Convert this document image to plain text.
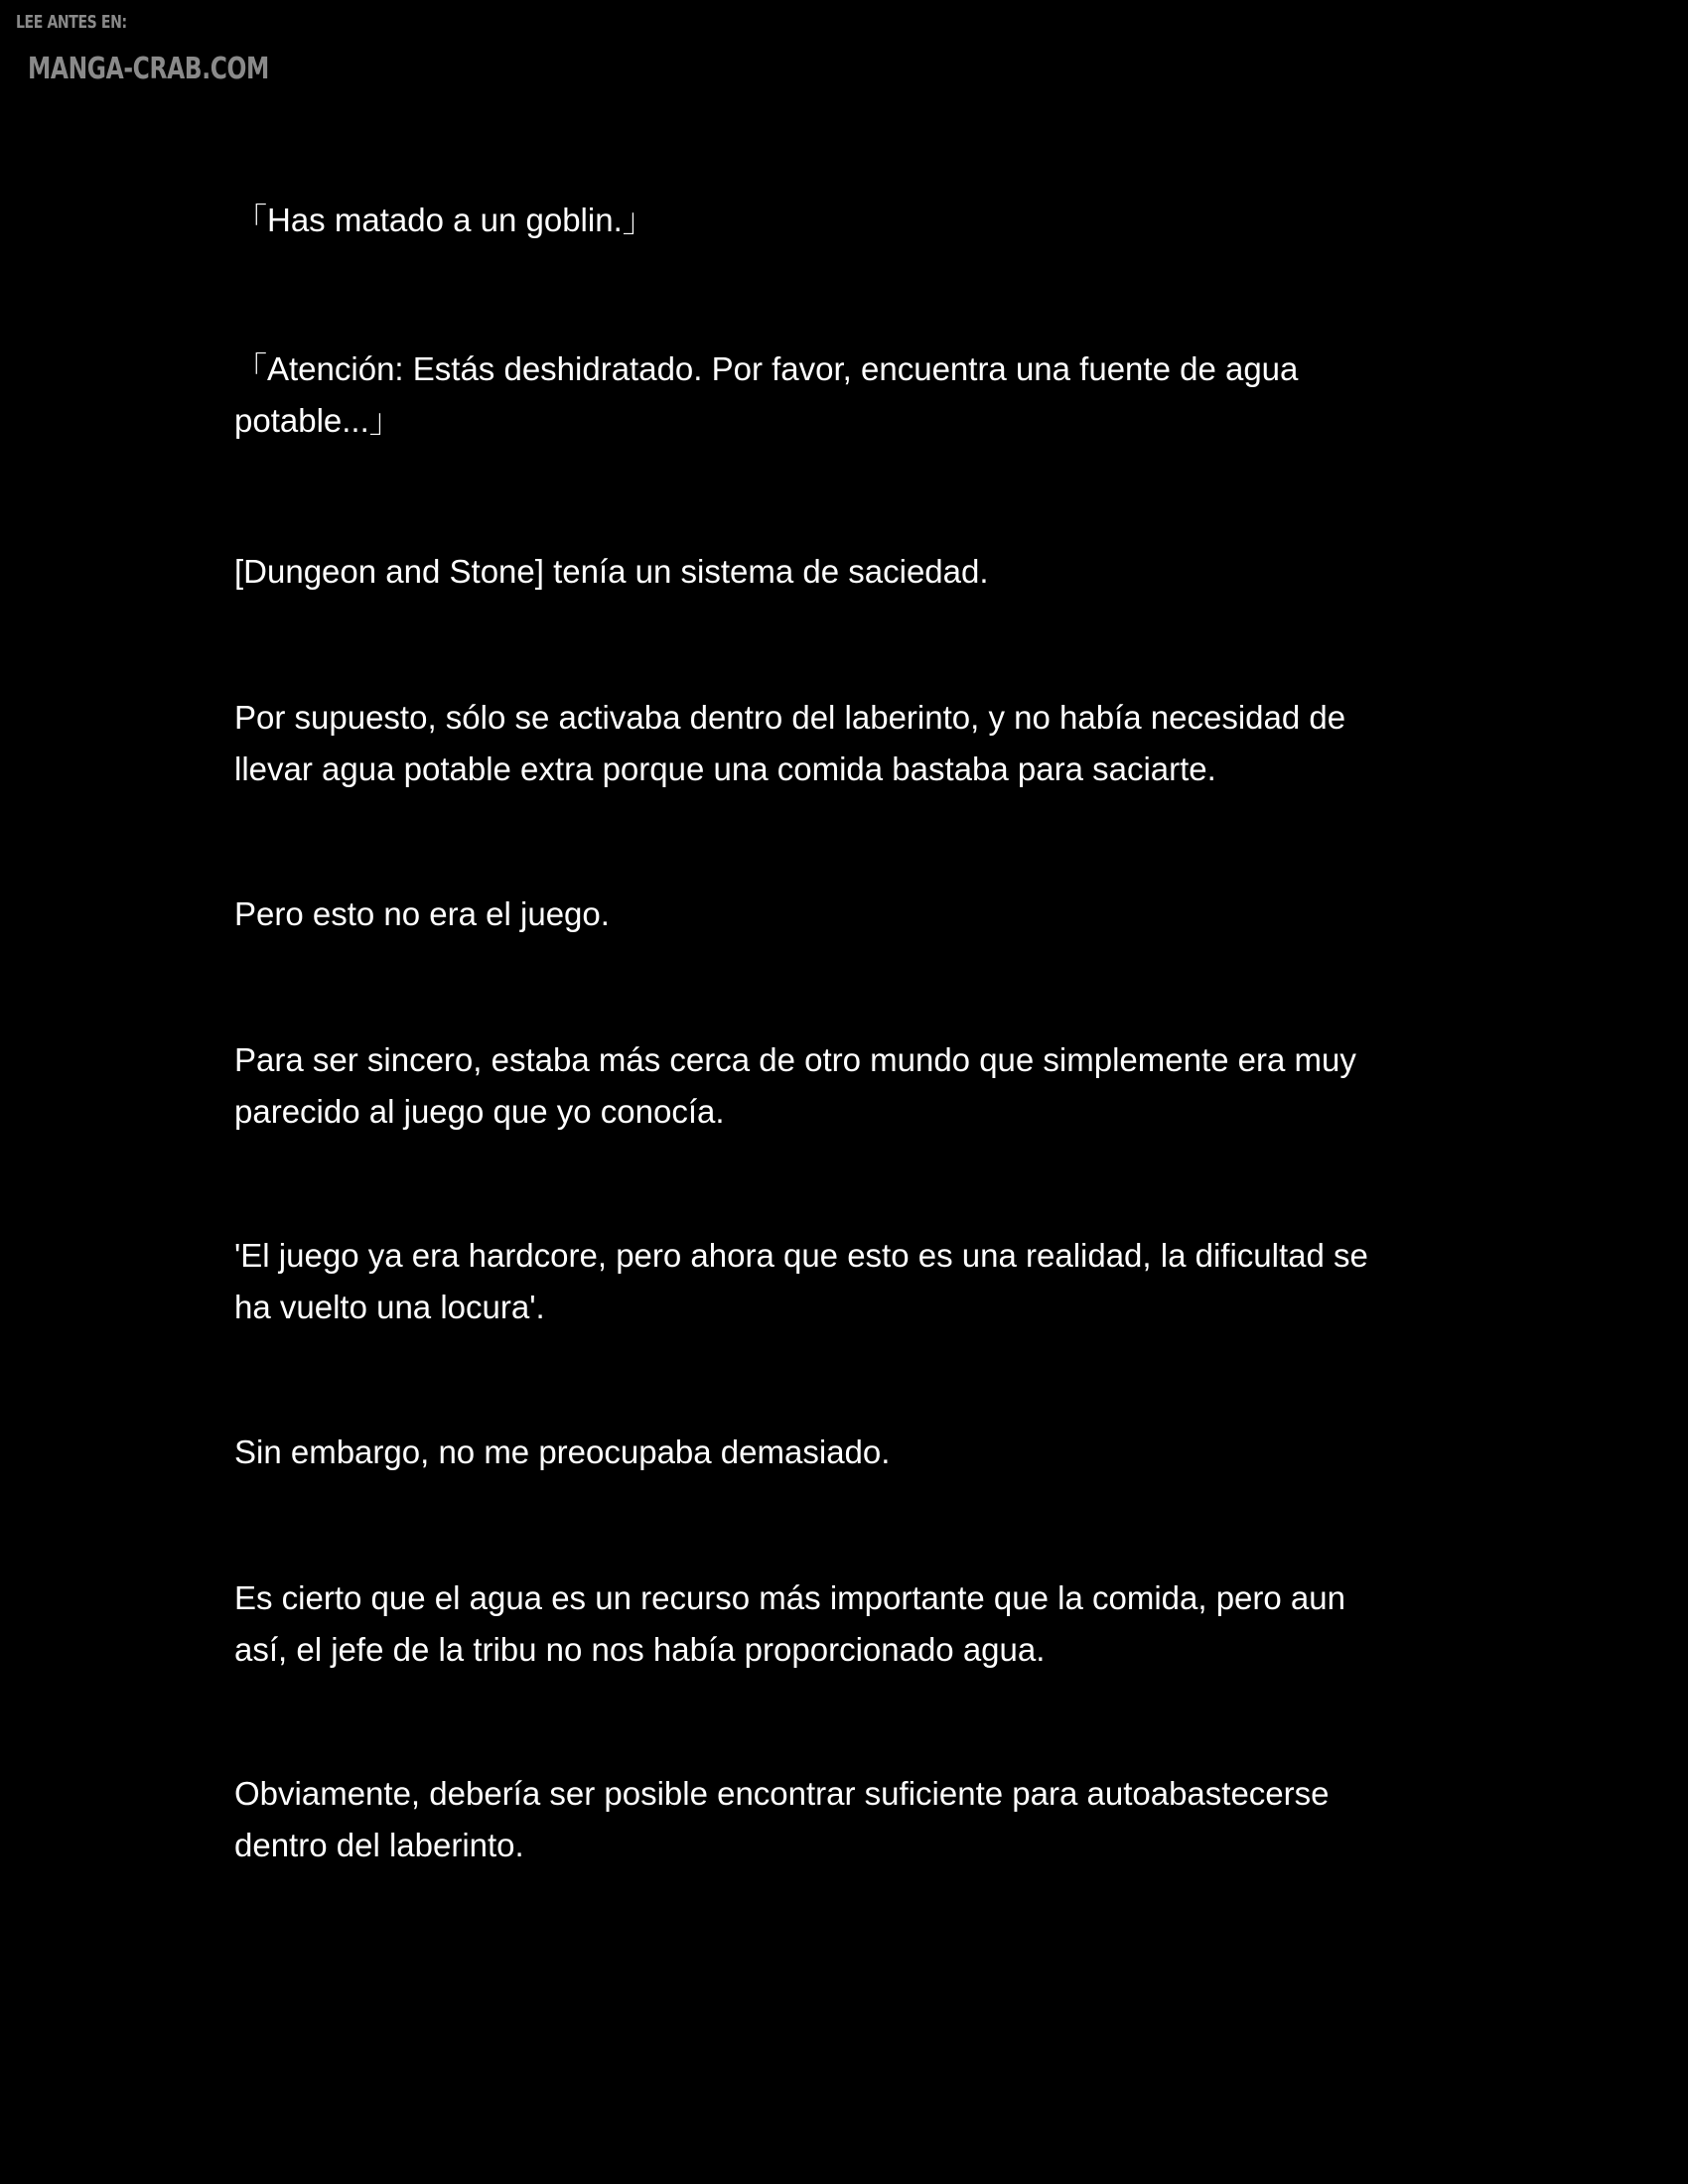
LEE ANTES EN:
MANGA-CRAB.COM

「Has matado a un goblin.」

「Atención: Estás deshidratado. Por favor, encuentra una fuente de agua
potable...」

[Dungeon and Stone] tenía un sistema de saciedad.

Por supuesto, sólo se activaba dentro del laberinto, y no había necesidad de
llevar agua potable extra porque una comida bastaba para saciarte.

Pero esto no era el juego.

Para ser sincero, estaba más cerca de otro mundo que simplemente era muy
parecido al juego que yo conocía.

'El juego ya era hardcore, pero ahora que esto es una realidad, la dificultad se
ha vuelto una locura'.

Sin embargo, no me preocupaba demasiado.

Es cierto que el agua es un recurso más importante que la comida, pero aun
así, el jefe de la tribu no nos había proporcionado agua.

Obviamente, debería ser posible encontrar suficiente para autoabastecerse
dentro del laberinto.
